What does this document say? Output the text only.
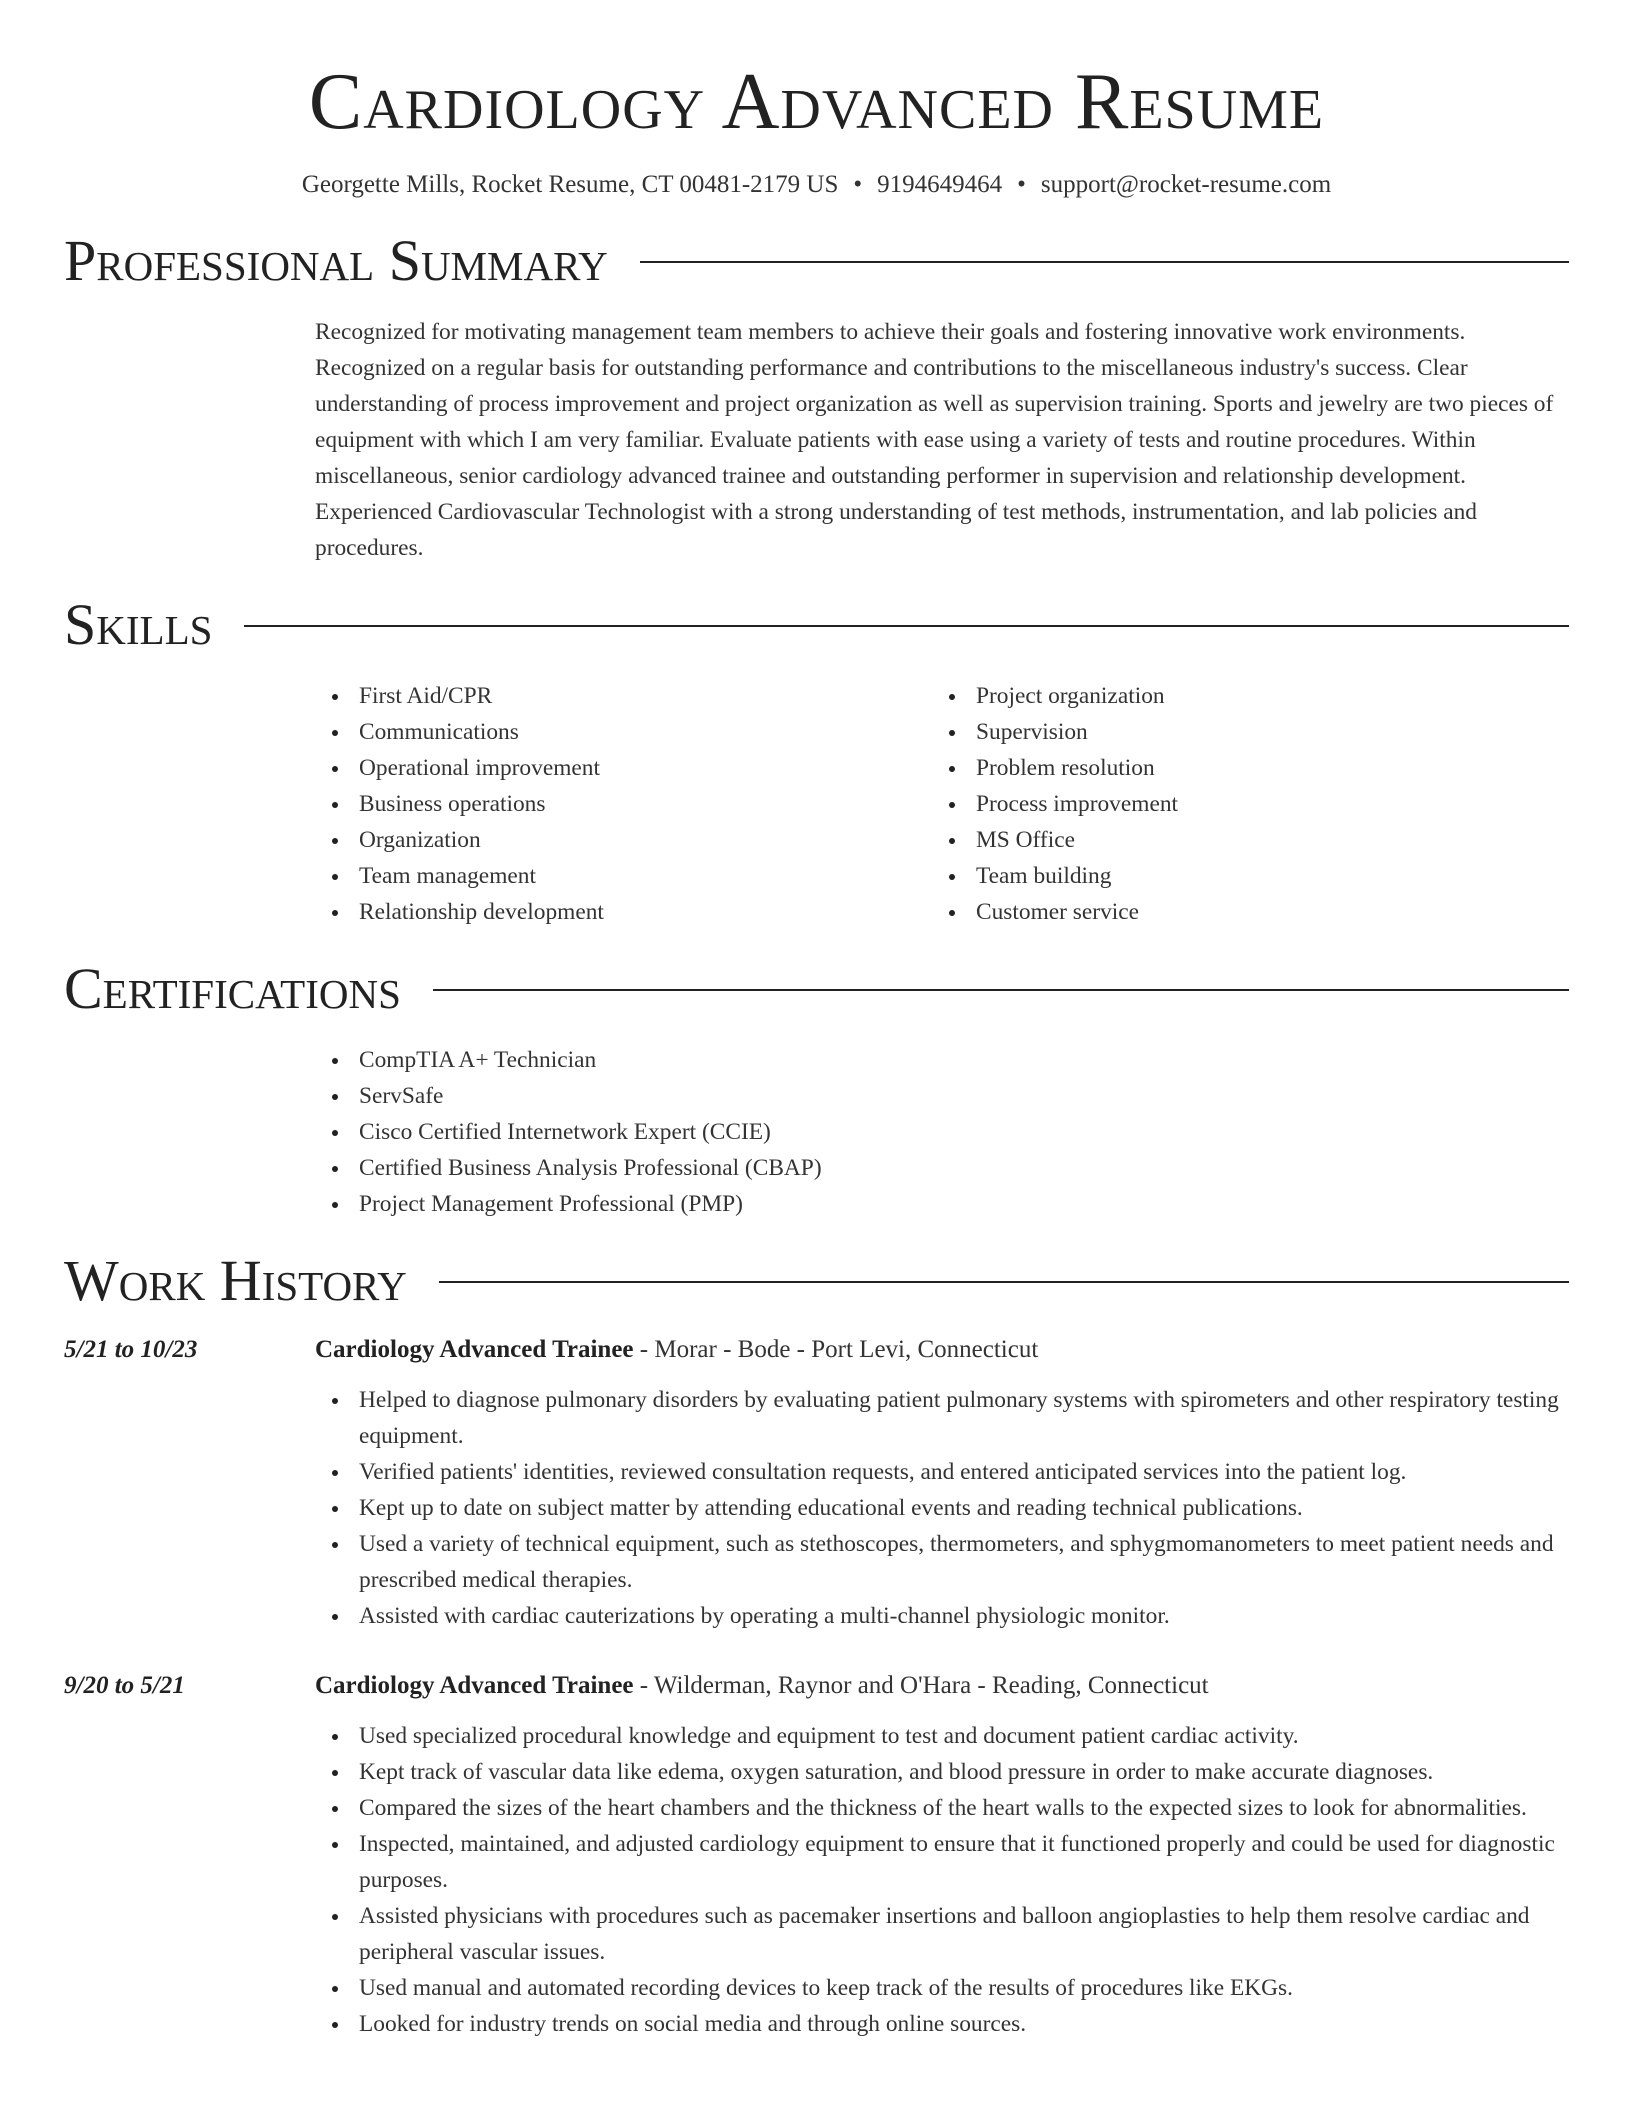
Cardiology Advanced Resume
Georgette Mills, Rocket Resume, CT 00481-2179 US • 9194649464 • support@rocket-resume.com
Professional Summary

Recognized for motivating management team members to achieve their goals and fostering innovative work environments. Recognized on a regular basis for outstanding performance and contributions to the miscellaneous industry's success. Clear understanding of process improvement and project organization as well as supervision training. Sports and jewelry are two pieces of equipment with which I am very familiar. Evaluate patients with ease using a variety of tests and routine procedures. Within miscellaneous, senior cardiology advanced trainee and outstanding performer in supervision and relationship development. Experienced Cardiovascular Technologist with a strong understanding of test methods, instrumentation, and lab policies and procedures.

Skills
First Aid/CPR
Communications
Operational improvement
Business operations
Organization
Team management
Relationship development
Project organization
Supervision
Problem resolution
Process improvement
MS Office
Team building
Customer service
Certifications
CompTIA A+ Technician
ServSafe
Cisco Certified Internetwork Expert (CCIE)
Certified Business Analysis Professional (CBAP)
Project Management Professional (PMP)
Work History
5/21 to 10/23	Cardiology Advanced Trainee - Morar - Bode - Port Levi, Connecticut
Helped to diagnose pulmonary disorders by evaluating patient pulmonary systems with spirometers and other respiratory testing equipment.
Verified patients' identities, reviewed consultation requests, and entered anticipated services into the patient log.
Kept up to date on subject matter by attending educational events and reading technical publications.
Used a variety of technical equipment, such as stethoscopes, thermometers, and sphygmomanometers to meet patient needs and prescribed medical therapies.
Assisted with cardiac cauterizations by operating a multi-channel physiologic monitor.
9/20 to 5/21	Cardiology Advanced Trainee - Wilderman, Raynor and O'Hara - Reading, Connecticut
Used specialized procedural knowledge and equipment to test and document patient cardiac activity.
Kept track of vascular data like edema, oxygen saturation, and blood pressure in order to make accurate diagnoses.
Compared the sizes of the heart chambers and the thickness of the heart walls to the expected sizes to look for abnormalities.
Inspected, maintained, and adjusted cardiology equipment to ensure that it functioned properly and could be used for diagnostic purposes.
Assisted physicians with procedures such as pacemaker insertions and balloon angioplasties to help them resolve cardiac and peripheral vascular issues.
Used manual and automated recording devices to keep track of the results of procedures like EKGs.
Looked for industry trends on social media and through online sources.
